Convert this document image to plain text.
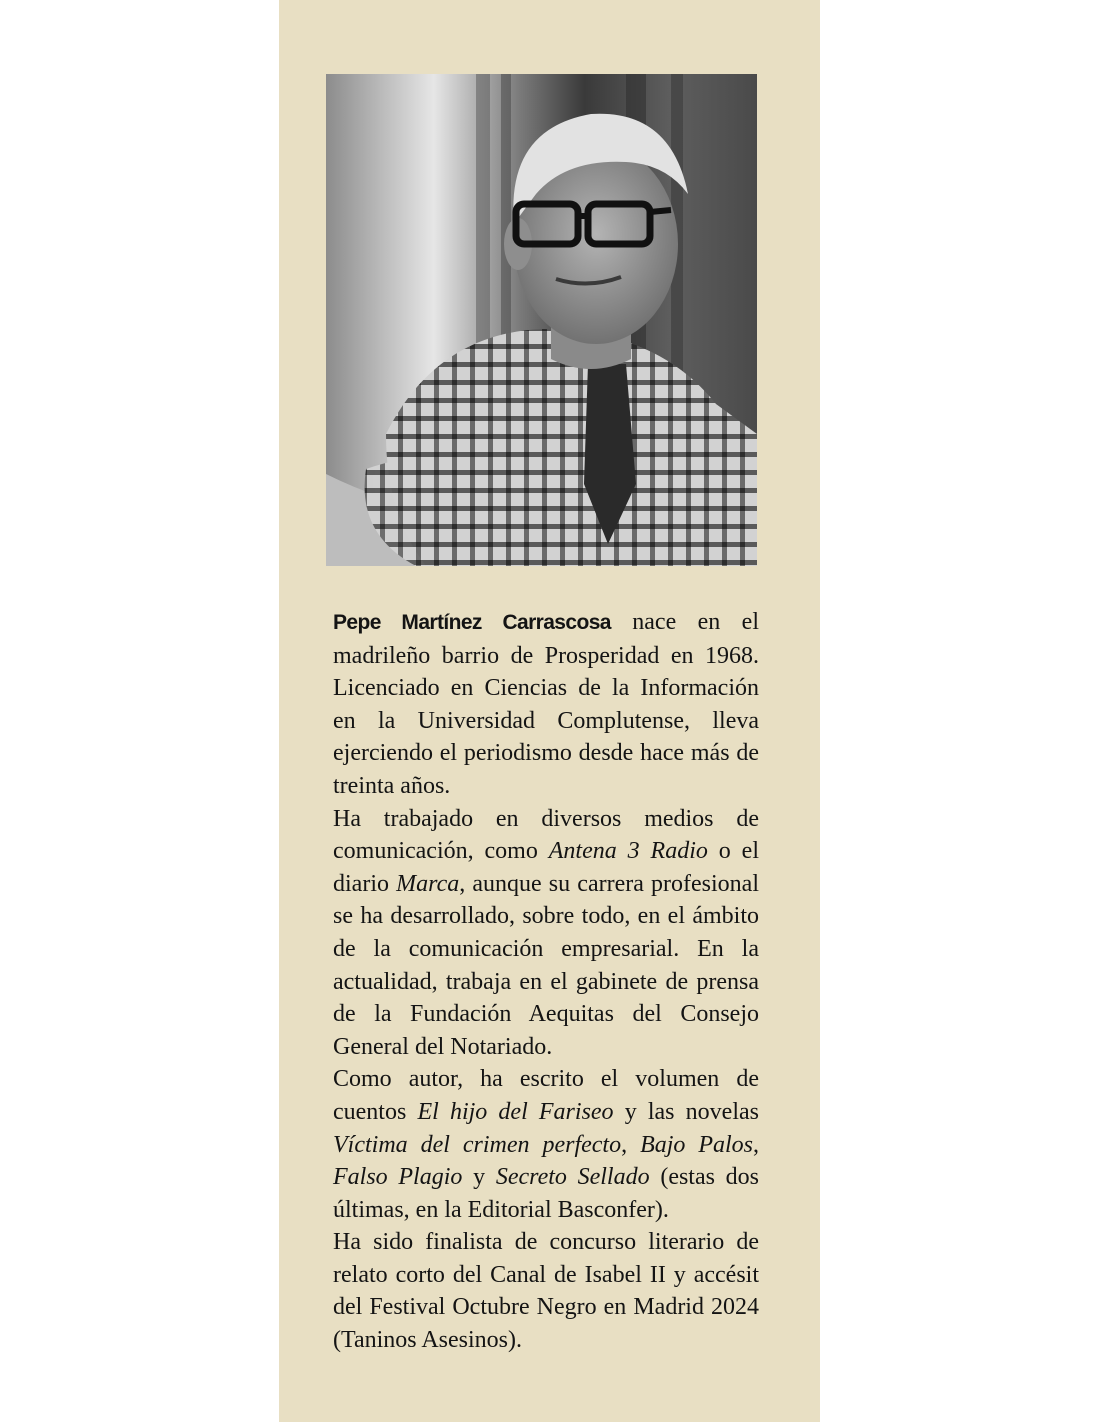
Pepe Martínez Carrascosa nace en el madrileño barrio de Prosperidad en 1968. Licenciado en Ciencias de la Información en la Universidad Complutense, lleva ejerciendo el periodismo desde hace más de treinta años.

Ha trabajado en diversos medios de comunicación, como Antena 3 Radio o el diario Marca, aunque su carrera profesional se ha desarrollado, sobre todo, en el ámbito de la comunicación empresarial. En la actualidad, trabaja en el gabinete de prensa de la Fundación Aequitas del Consejo General del Notariado.

Como autor, ha escrito el volumen de cuentos El hijo del Fariseo y las novelas Víctima del crimen perfecto, Bajo Palos, Falso Plagio y Secreto Sellado (estas dos últimas, en la Editorial Basconfer).

Ha sido finalista de concurso literario de relato corto del Canal de Isabel II y accésit del Festival Octubre Negro en Madrid 2024 (Taninos Asesinos).
